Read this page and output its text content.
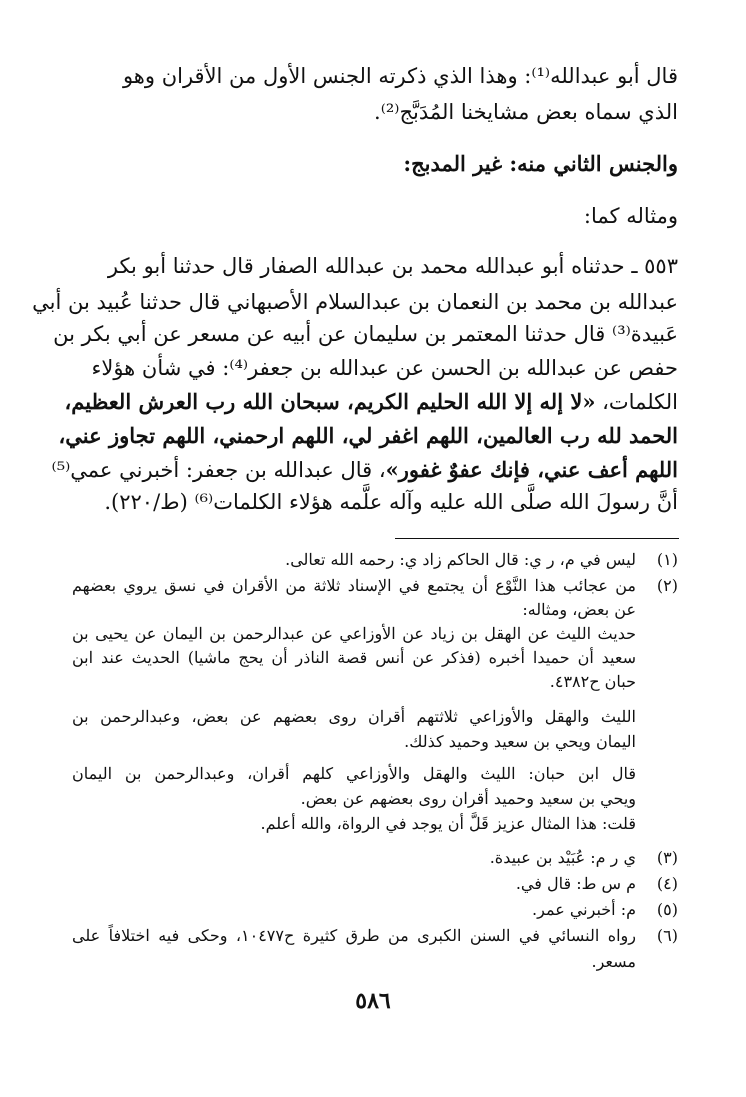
قال أبو عبدالله⁽¹⁾: وهذا الذي ذكرته الجنس الأول من الأقران وهو
الذي سماه بعض مشايخنا المُدَبَّج⁽²⁾.
والجنس الثاني منه: غير المدبج:
ومثاله كما:
٥٥٣ ـ حدثناه أبو عبدالله محمد بن عبدالله الصفار قال حدثنا أبو بكر
عبدالله بن محمد بن النعمان بن عبدالسلام الأصبهاني قال حدثنا عُبيد بن أبي
عَبيدة⁽³⁾ قال حدثنا المعتمر بن سليمان عن أبيه عن مسعر عن أبي بكر بن
حفص عن عبدالله بن الحسن عن عبدالله بن جعفر⁽⁴⁾: في شأن هؤلاء
الكلمات، «لا إله إلا الله الحليم الكريم، سبحان الله رب العرش العظيم،
الحمد لله رب العالمين، اللهم اغفر لي، اللهم ارحمني، اللهم تجاوز عني،
اللهم أعف عني، فإنك عفوٌ غفور»، قال عبدالله بن جعفر: أخبرني عمي⁽⁵⁾
أنَّ رسولَ الله صلَّى الله عليه وآله علَّمه هؤلاء الكلمات⁽⁶⁾ (ط/٢٢٠).
(١)
ليس في م، ر ي: قال الحاكم زاد ي: رحمه الله تعالى.
(٢)
من عجائب هذا النَّوْع أن يجتمع في الإسناد ثلاثة من الأقران في نسق يروي بعضهم
عن بعض، ومثاله:
حديث الليث عن الهقل بن زياد عن الأوزاعي عن عبدالرحمن بن اليمان عن يحيى بن
سعيد أن حميدا أخبره (فذكر عن أنس قصة الناذر أن يحج ماشيا) الحديث عند ابن
حبان ح٤٣٨٢.
الليث والهقل والأوزاعي ثلاثتهم أقران روى بعضهم عن بعض، وعبدالرحمن بن
اليمان ويحي بن سعيد وحميد كذلك.
قال ابن حبان: الليث والهقل والأوزاعي كلهم أقران، وعبدالرحمن بن اليمان
ويحي بن سعيد وحميد أقران روى بعضهم عن بعض.
قلت: هذا المثال عزيز قَلَّ أن يوجد في الرواة، والله أعلم.
(٣)
ي ر م: عُبَيْد بن عبيدة.
(٤)
م س ط: قال في.
(٥)
م: أخبرني عمر.
(٦)
رواه النسائي في السنن الكبرى من طرق كثيرة ح١٠٤٧٧، وحكى فيه اختلافاً على
مسعر.
٥٨٦
